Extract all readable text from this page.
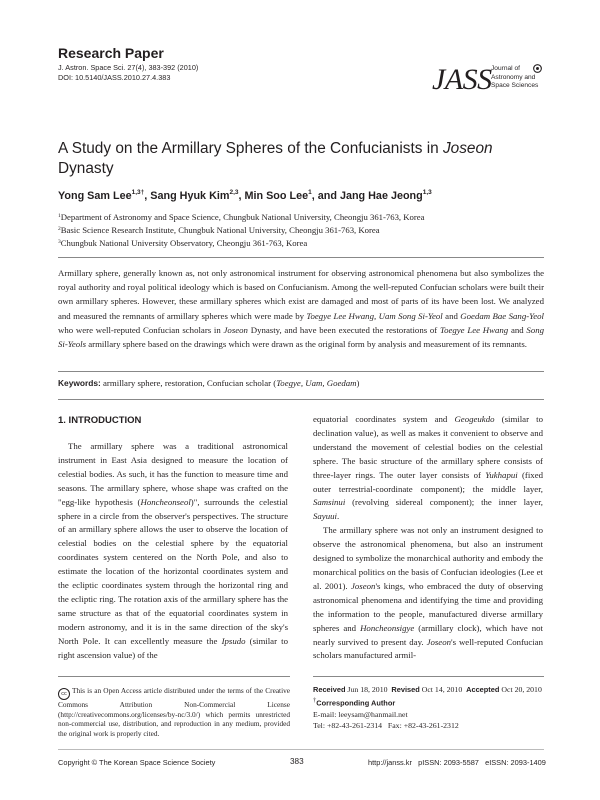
Research Paper
J. Astron. Space Sci. 27(4), 383-392 (2010)
DOI: 10.5140/JASS.2010.27.4.383	JASS Journal of
Astronomy and
Space Sciences
A Study on the Armillary Spheres of the Confucianists in Joseon
Dynasty
Yong Sam Lee$^{1,3\dagger}$, Sang Hyuk Kim$^{2,3}$, Min Soo Lee$^1$, and Jang Hae Jeong$^{1,3}$
$^1$Department of Astronomy and Space Science, Chungbuk National University, Cheongju 361-763, Korea
$^2$Basic Science Research Institute, Chungbuk National University, Cheongju 361-763, Korea
$^3$Chungbuk National University Observatory, Cheongju 361-763, Korea
Armillary sphere, generally known as, not only astronomical instrument for observing astronomical phenomena but also symbolizes the royal authority and royal political ideology which is based on Confucianism. Among the well-reputed Confucian scholars were built their own armillary spheres. However, these armillary spheres which exist are damaged and most of parts of its have been lost. We analyzed and measured the remnants of armillary spheres which were made by Toegye Lee Hwang, Uam Song Si-Yeol and Goedam Bae Sang-Yeol who were well-reputed Confucian scholars in Joseon Dynasty, and have been executed the restorations of Toegye Lee Hwang and Song Si-Yeols armillary sphere based on the drawings which were drawn as the original form by analysis and measurement of its remnants.
Keywords: armillary sphere, restoration, Confucian scholar (Toegye, Uam, Goedam)
1. INTRODUCTION

The armillary sphere was a traditional astronomical instrument in East Asia designed to measure the location of celestial bodies. As such, it has the function to measure time and seasons. The armillary sphere, whose shape was crafted on the "egg-like hypothesis (Honcheonseol)", surrounds the celestial sphere in a circle from the observer's perspectives. The structure of an armillary sphere allows the user to observe the location of celestial bodies on the celestial sphere by the equatorial coordinates system centered on the North Pole, and also to estimate the location of the horizontal coordinates system and the ecliptic coordinates system through the horizontal ring and the ecliptic ring. The rotation axis of the armillary sphere has the same structure as that of the equatorial coordinates system in modern astronomy, and it is in the same direction of the sky's North Pole. It can excellently measure the Ipsudo (similar to right ascension value) of the

equatorial coordinates system and Geogeukdo (similar to declination value), as well as makes it convenient to observe and understand the movement of celestial bodies on the celestial sphere. The basic structure of the armillary sphere consists of three-layer rings. The outer layer consists of Yukhapui (fixed outer terrestrial-coordinate component); the middle layer, Samsinui (revolving sidereal component); the inner layer, Sayuui.

The armillary sphere was not only an instrument designed to observe the astronomical phenomena, but also an instrument designed to symbolize the monarchical authority and embody the monarchical politics on the basis of Confucian ideologies (Lee et al. 2001). Joseon's kings, who embraced the duty of observing astronomical phenomena and identifying the time and providing the information to the people, manufactured diverse armillary spheres and Honcheonsigye (armillary clock), which have not nearly survived to present day. Joseon's well-reputed Confucian scholars manufactured armil-

cc This is an Open Access article distributed under the terms of the Creative Commons Attribution Non-Commercial License (http://creativecommons.org/licenses/by-nc/3.0/) which permits unrestricted non-commercial use, distribution, and reproduction in any medium, provided the original work is properly cited.
Received Jun 18, 2010 Revised Oct 14, 2010 Accepted Oct 20, 2010
†Corresponding Author
E-mail: leeysam@hanmail.net
Tel: +82-43-261-2314   Fax: +82-43-261-2312
Copyright © The Korean Space Science Society	383	http://janss.kr   pISSN: 2093-5587   eISSN: 2093-1409
